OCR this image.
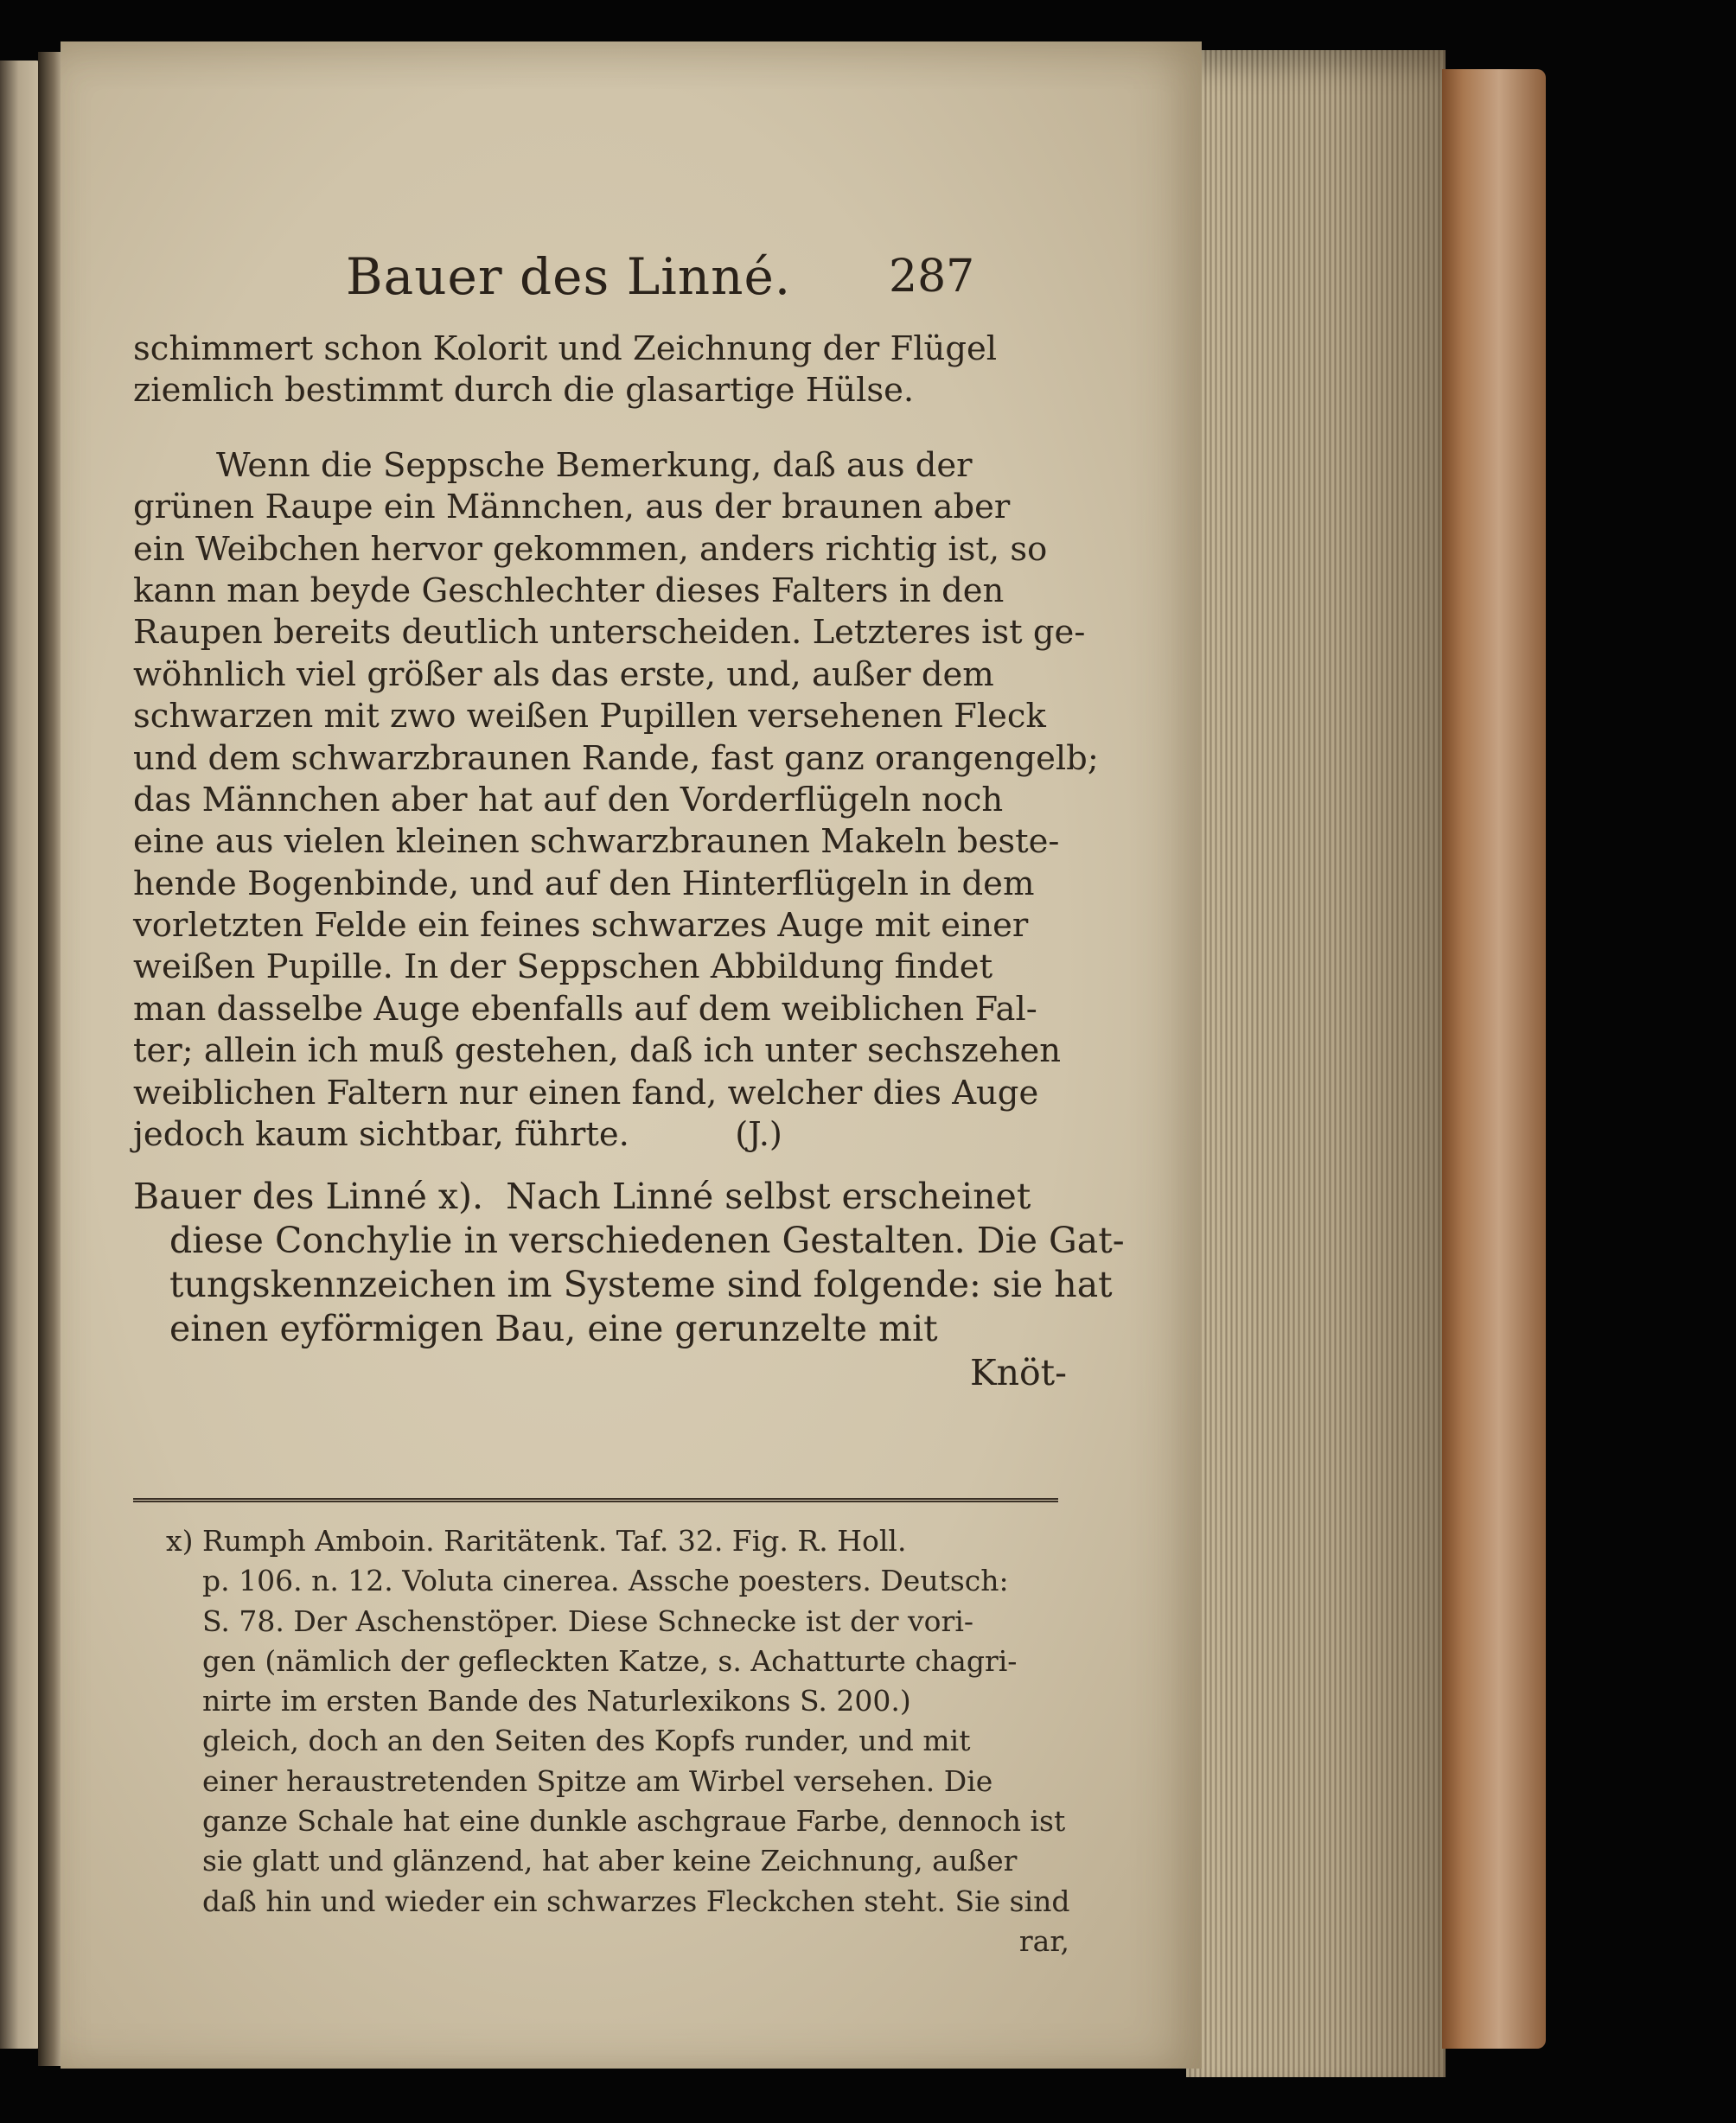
Bauer des Linné. 287
schimmert schon Kolorit und Zeichnung der Flügel
ziemlich bestimmt durch die glasartige Hülse.
Wenn die Seppsche Bemerkung, daß aus der
grünen Raupe ein Männchen, aus der braunen aber
ein Weibchen hervor gekommen, anders richtig ist, so
kann man beyde Geschlechter dieses Falters in den
Raupen bereits deutlich unterscheiden. Letzteres ist ge-
wöhnlich viel größer als das erste, und, außer dem
schwarzen mit zwo weißen Pupillen versehenen Fleck
und dem schwarzbraunen Rande, fast ganz orangengelb;
das Männchen aber hat auf den Vorderflügeln noch
eine aus vielen kleinen schwarzbraunen Makeln beste-
hende Bogenbinde, und auf den Hinterflügeln in dem
vorletzten Felde ein feines schwarzes Auge mit einer
weißen Pupille. In der Seppschen Abbildung findet
man dasselbe Auge ebenfalls auf dem weiblichen Fal-
ter; allein ich muß gestehen, daß ich unter sechszehen
weiblichen Faltern nur einen fand, welcher dies Auge
jedoch kaum sichtbar, führte.          (J.)
Bauer des Linné x).  Nach Linné selbst erscheinet
diese Conchylie in verschiedenen Gestalten. Die Gat-
tungskennzeichen im Systeme sind folgende: sie hat
einen eyförmigen Bau, eine gerunzelte mit
Knöt-
x) Rumph Amboin. Raritätenk. Taf. 32. Fig. R. Holl.
p. 106. n. 12. Voluta cinerea. Assche poesters. Deutsch:
S. 78. Der Aschenstöper. Diese Schnecke ist der vori-
gen (nämlich der gefleckten Katze, s. Achatturte chagri-
nirte im ersten Bande des Naturlexikons S. 200.)
gleich, doch an den Seiten des Kopfs runder, und mit
einer heraustretenden Spitze am Wirbel versehen. Die
ganze Schale hat eine dunkle aschgraue Farbe, dennoch ist
sie glatt und glänzend, hat aber keine Zeichnung, außer
daß hin und wieder ein schwarzes Fleckchen steht. Sie sind
rar,
